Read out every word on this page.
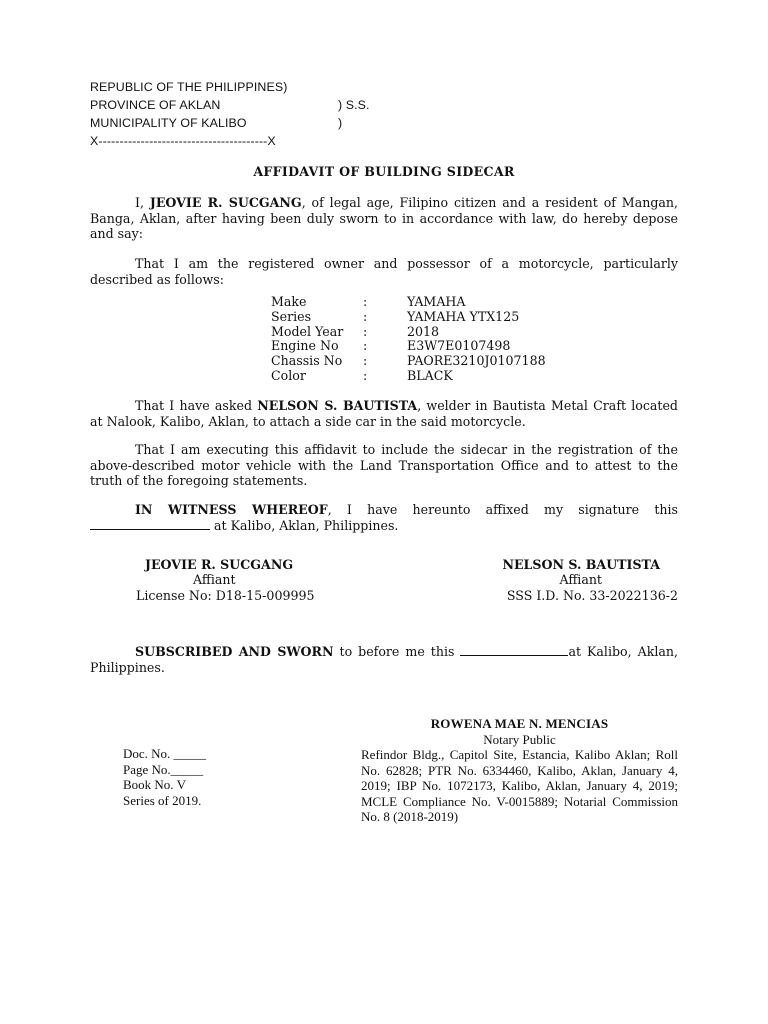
REPUBLIC OF THE PHILIPPINES)
PROVINCE OF AKLAN	) S.S.
MUNICIPALITY OF KALIBO	)
X----------------------------------------X
AFFIDAVIT OF BUILDING SIDECAR
I, JEOVIE R. SUCGANG, of legal age, Filipino citizen and a resident of Mangan, Banga, Aklan, after having been duly sworn to in accordance with law, do hereby depose and say:
That I am the registered owner and possessor of a motorcycle, particularly described as follows:
Make	:	YAMAHA
Series	:	YAMAHA YTX125
Model Year	:	2018
Engine No	:	E3W7E0107498
Chassis No	:	PAORE3210J0107188
Color	:	BLACK
That I have asked NELSON S. BAUTISTA, welder in Bautista Metal Craft located at Nalook, Kalibo, Aklan, to attach a side car in the said motorcycle.
That I am executing this affidavit to include the sidecar in the registration of the above-described motor vehicle with the Land Transportation Office and to attest to the truth of the foregoing statements.
IN WITNESS WHEREOF, I have hereunto affixed my signature this  at Kalibo, Aklan, Philippines.
JEOVIE R. SUCGANG
Affiant
License No: D18-15-009995
NELSON S. BAUTISTA
Affiant
SSS I.D. No. 33-2022136-2
SUBSCRIBED AND SWORN to before me this	at Kalibo, Aklan, Philippines.
ROWENA MAE N. MENCIAS
Notary Public
Refindor Bldg., Capitol Site, Estancia, Kalibo Aklan; Roll No. 62828; PTR No. 6334460, Kalibo, Aklan, January 4, 2019; IBP No. 1072173, Kalibo, Aklan, January 4, 2019; MCLE Compliance No. V-0015889; Notarial Commission No. 8 (2018-2019)
Doc. No. _____
Page No._____
Book No. V
Series of 2019.
